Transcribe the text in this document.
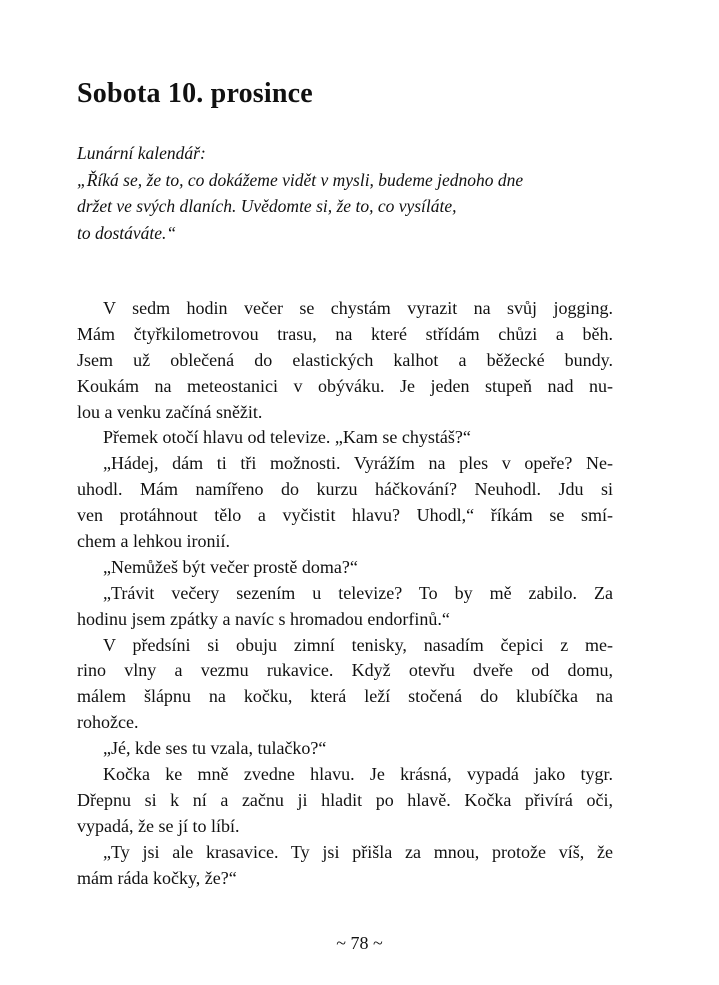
Sobota 10. prosince
Lunární kalendář:
„Říká se, že to, co dokážeme vidět v mysli, budeme jednoho dne
držet ve svých dlaních. Uvědomte si, že to, co vysíláte,
to dostáváte.“
V sedm hodin večer se chystám vyrazit na svůj jogging.
Mám čtyřkilometrovou trasu, na které střídám chůzi a běh.
Jsem už oblečená do elastických kalhot a běžecké bundy.
Koukám na meteostanici v obýváku. Je jeden stupeň nad nu-
lou a venku začíná sněžit.
Přemek otočí hlavu od televize. „Kam se chystáš?“
„Hádej, dám ti tři možnosti. Vyrážím na ples v opeře? Ne-
uhodl. Mám namířeno do kurzu háčkování? Neuhodl. Jdu si
ven protáhnout tělo a vyčistit hlavu? Uhodl,“ říkám se smí-
chem a lehkou ironií.
„Nemůžeš být večer prostě doma?“
„Trávit večery sezením u televize? To by mě zabilo. Za
hodinu jsem zpátky a navíc s hromadou endorfinů.“
V předsíni si obuju zimní tenisky, nasadím čepici z me-
rino vlny a vezmu rukavice. Když otevřu dveře od domu,
málem šlápnu na kočku, která leží stočená do klubíčka na
rohožce.
„Jé, kde ses tu vzala, tulačko?“
Kočka ke mně zvedne hlavu. Je krásná, vypadá jako tygr.
Dřepnu si k ní a začnu ji hladit po hlavě. Kočka přivírá oči,
vypadá, že se jí to líbí.
„Ty jsi ale krasavice. Ty jsi přišla za mnou, protože víš, že
mám ráda kočky, že?“
~ 78 ~
